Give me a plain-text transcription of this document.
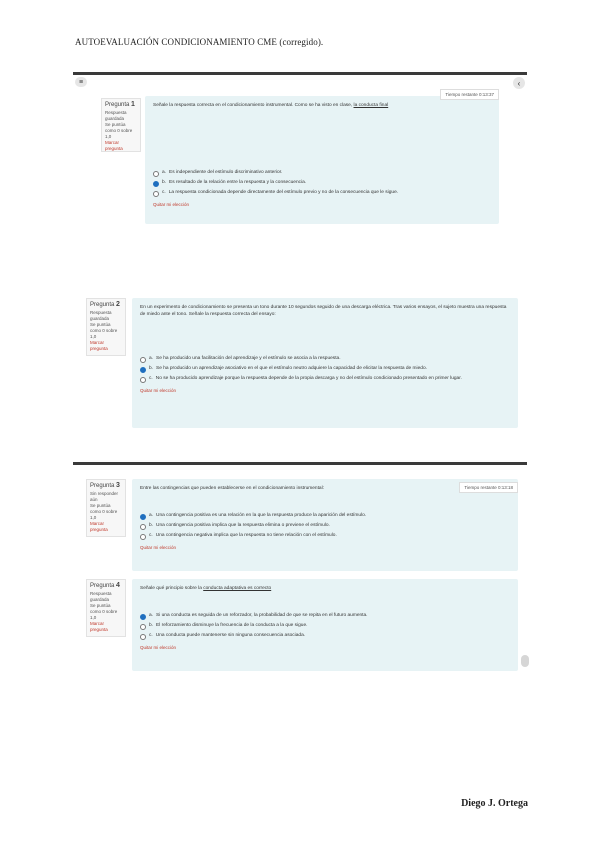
AUTOEVALUACIÓN CONDICIONAMIENTO CME (corregido).
≡	‹
Pregunta 1
Respuesta guardada
Se puntúa como 0 sobre 1,0
Marcar pregunta
Tiempo restante 0:13:37
Señale la respuesta correcta en el condicionamiento instrumental. Como se ha visto en clase, la conducta final
a. Es independiente del estímulo discriminativo anterior.
b. Es resultado de la relación entre la respuesta y la consecuencia.
c. La respuesta condicionada depende directamente del estímulo previo y no de la consecuencia que le sigue.
Quitar mi elección
Pregunta 2
Respuesta guardada
Se puntúa como 0 sobre 1,0
Marcar pregunta
En un experimento de condicionamiento se presenta un tono durante 10 segundos seguido de una descarga eléctrica. Tras varios ensayos, el sujeto muestra una respuesta de miedo ante el tono. Señale la respuesta correcta del ensayo:
a. Se ha producido una facilitación del aprendizaje y el estímulo se asocia a la respuesta.
b. Se ha producido un aprendizaje asociativo en el que el estímulo neutro adquiere la capacidad de elicitar la respuesta de miedo.
c. No se ha producido aprendizaje porque la respuesta depende de la propia descarga y no del estímulo condicionado presentado en primer lugar.
Quitar mi elección
Pregunta 3
Sin responder aún
Se puntúa como 0 sobre 1,0
Marcar pregunta
Tiempo restante 0:13:18
Entre las contingencias que pueden establecerse en el condicionamiento instrumental:
a. Una contingencia positiva es una relación en la que la respuesta produce la aparición del estímulo.
b. Una contingencia positiva implica que la respuesta elimina o previene el estímulo.
c. Una contingencia negativa implica que la respuesta no tiene relación con el estímulo.
Quitar mi elección
Pregunta 4
Respuesta guardada
Se puntúa como 0 sobre 1,0
Marcar pregunta
Señale qué principio sobre la conducta adaptativa es correcto
a. Si una conducta es seguida de un reforzador, la probabilidad de que se repita en el futuro aumenta.
b. El reforzamiento disminuye la frecuencia de la conducta a la que sigue.
c. Una conducta puede mantenerse sin ninguna consecuencia asociada.
Quitar mi elección
Diego J. Ortega
